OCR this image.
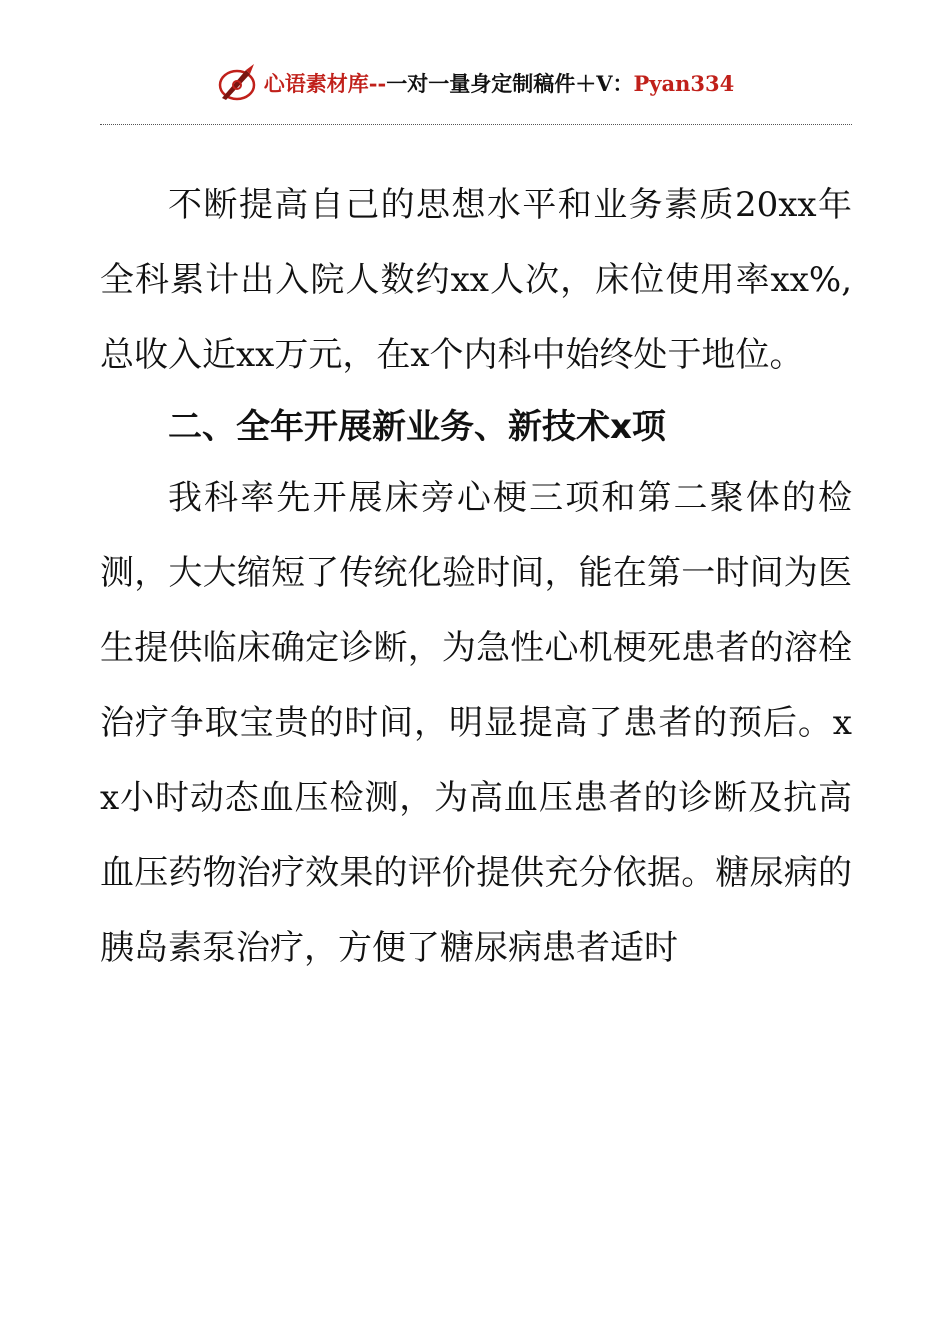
心语素材库--一对一量身定制稿件＋V：Pyan334

不断提高自己的思想水平和业务素质20xx年全科累计出入院人数约xx人次，床位使用率xx%,总收入近xx万元，在x个内科中始终处于地位。

二、全年开展新业务、新技术x项

我科率先开展床旁心梗三项和第二聚体的检测，大大缩短了传统化验时间，能在第一时间为医生提供临床确定诊断，为急性心机梗死患者的溶栓治疗争取宝贵的时间，明显提高了患者的预后。xx小时动态血压检测，为高血压患者的诊断及抗高血压药物治疗效果的评价提供充分依据。糖尿病的胰岛素泵治疗，方便了糖尿病患者适时
